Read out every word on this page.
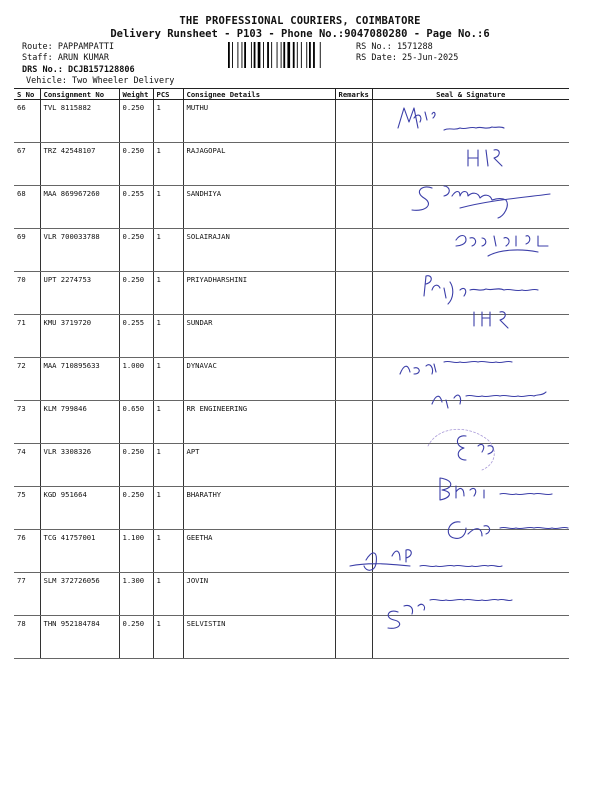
THE PROFESSIONAL COURIERS, COIMBATORE
Delivery Runsheet - P103 - Phone No.:9047080280 - Page No.:6
Route: PAPPAMPATTI
Staff: ARUN KUMAR
DRS No.: DCJB157128806
Vehicle: Two Wheeler Delivery
RS No.: 1571288
RS Date: 25-Jun-2025
S No	Consignment No	Weight	PCS	Consignee Details	Remarks	Seal & Signature
66	TVL 8115882	0.250	1	MUTHU		
67	TRZ 42548107	0.250	1	RAJAGOPAL		
68	MAA 869967260	0.255	1	SANDHIYA		
69	VLR 700033788	0.250	1	SOLAIRAJAN		
70	UPT 2274753	0.250	1	PRIYADHARSHINI		
71	KMU 3719720	0.255	1	SUNDAR		
72	MAA 710895633	1.000	1	DYNAVAC		
73	KLM 799846	0.650	1	RR ENGINEERING		
74	VLR 3308326	0.250	1	APT		
75	KGD 951664	0.250	1	BHARATHY		
76	TCG 41757001	1.100	1	GEETHA		
77	SLM 372726056	1.300	1	JOVIN		
78	THN 952184784	0.250	1	SELVISTIN		
